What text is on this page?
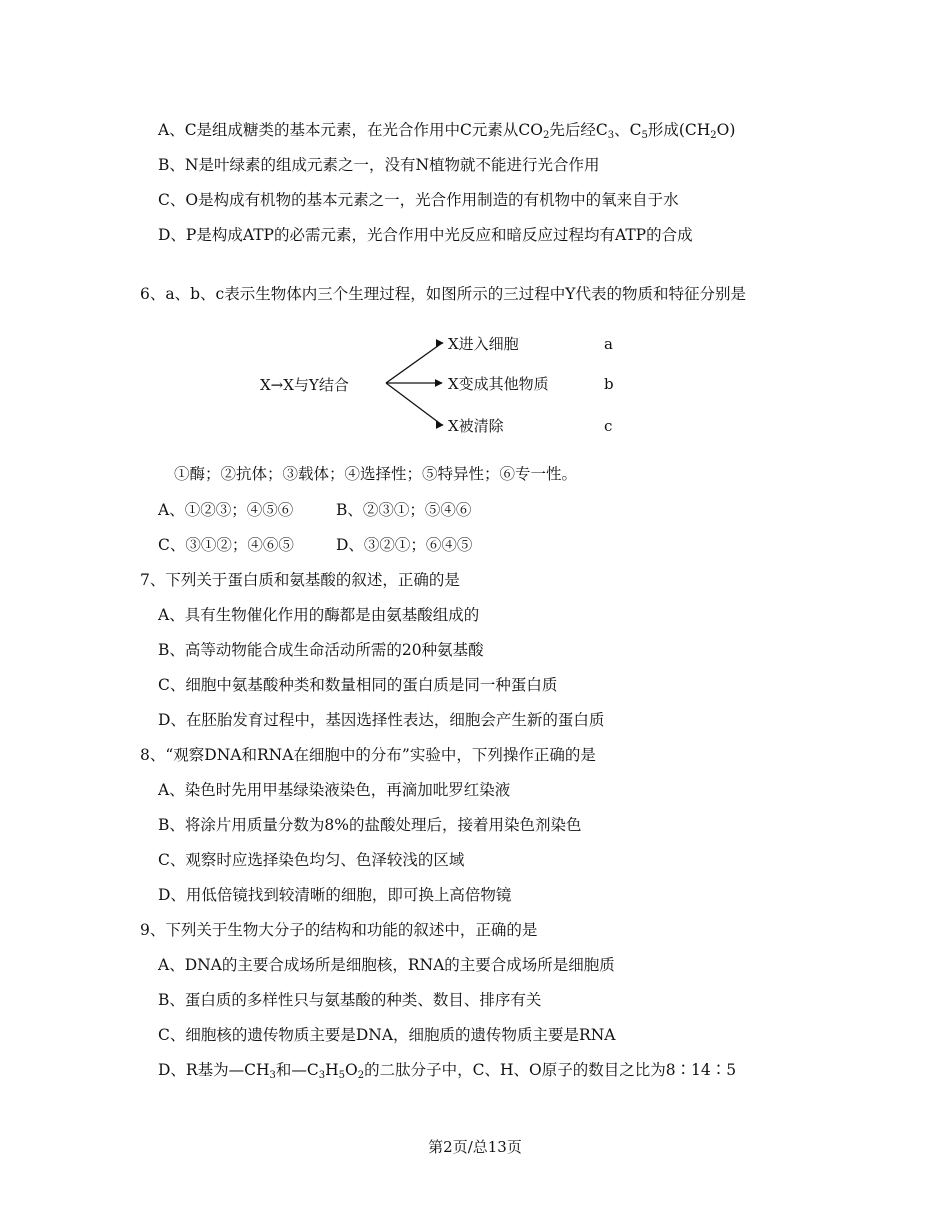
A、C是组成糖类的基本元素，在光合作用中C元素从$CO_2$先后经$C_3$、$C_5$形成$(CH_2O)$
B、N是叶绿素的组成元素之一，没有N植物就不能进行光合作用
C、O是构成有机物的基本元素之一，光合作用制造的有机物中的氧来自于水
D、P是构成ATP的必需元素，光合作用中光反应和暗反应过程均有ATP的合成
6、a、b、c表示生物体内三个生理过程，如图所示的三过程中Y代表的物质和特征分别是
X→X与Y结合
X进入细胞
X变成其他物质
X被清除
a
b
c
①酶；②抗体；③载体；④选择性；⑤特异性；⑥专一性。
A、①②③；④⑤⑥	B、②③①；⑤④⑥
C、③①②；④⑥⑤	D、③②①；⑥④⑤
7、下列关于蛋白质和氨基酸的叙述，正确的是
A、具有生物催化作用的酶都是由氨基酸组成的
B、高等动物能合成生命活动所需的20种氨基酸
C、细胞中氨基酸种类和数量相同的蛋白质是同一种蛋白质
D、在胚胎发育过程中，基因选择性表达，细胞会产生新的蛋白质
8、“观察DNA和RNA在细胞中的分布”实验中，下列操作正确的是
A、染色时先用甲基绿染液染色，再滴加吡罗红染液
B、将涂片用质量分数为8%的盐酸处理后，接着用染色剂染色
C、观察时应选择染色均匀、色泽较浅的区域
D、用低倍镜找到较清晰的细胞，即可换上高倍物镜
9、下列关于生物大分子的结构和功能的叙述中，正确的是
A、DNA的主要合成场所是细胞核，RNA的主要合成场所是细胞质
B、蛋白质的多样性只与氨基酸的种类、数目、排序有关
C、细胞核的遗传物质主要是DNA，细胞质的遗传物质主要是RNA
D、R基为$—CH_3$和$—C_3H_5O_2$的二肽分子中，C、H、O原子的数目之比为8∶14∶5
第2页/总13页
